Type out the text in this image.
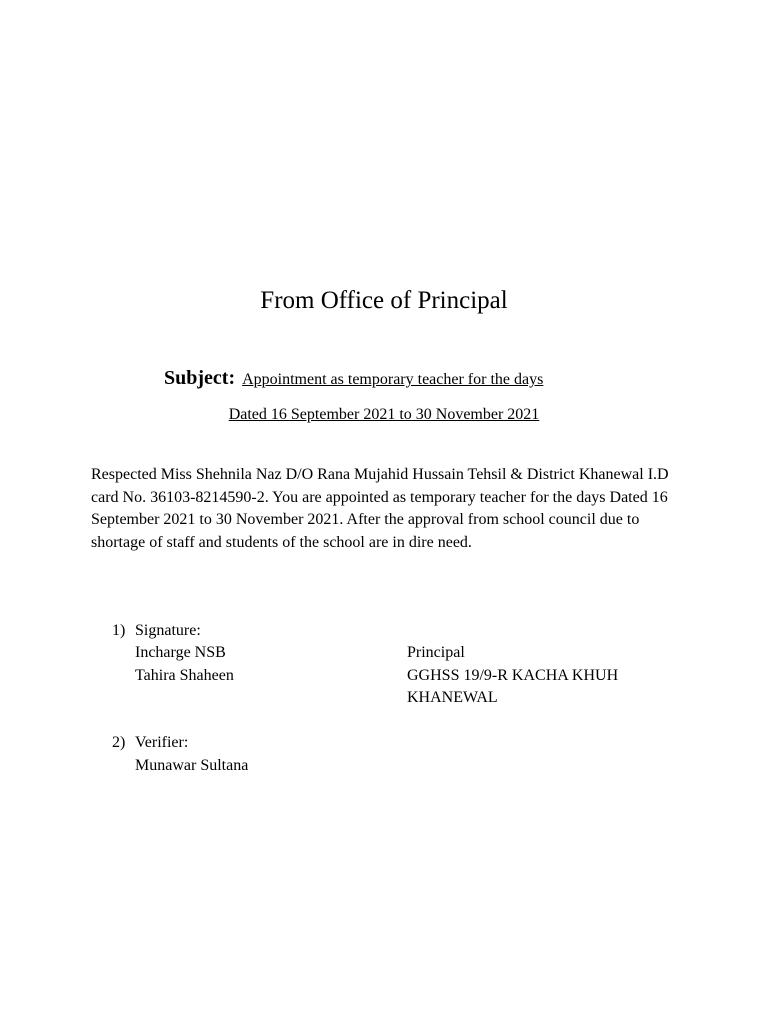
From Office of Principal
Subject: Appointment as temporary teacher for the days
Dated 16 September 2021 to 30 November 2021

Respected Miss Shehnila Naz D/O Rana Mujahid Hussain Tehsil & District Khanewal I.D card No. 36103-8214590-2. You are appointed as temporary teacher for the days Dated 16 September 2021 to 30 November 2021. After the approval from school council due to shortage of staff and students of the school are in dire need.

1) Signature:
Incharge NSB
Tahira Shaheen
Principal
GGHSS 19/9-R KACHA KHUH
KHANEWAL
2) Verifier:
Munawar Sultana
